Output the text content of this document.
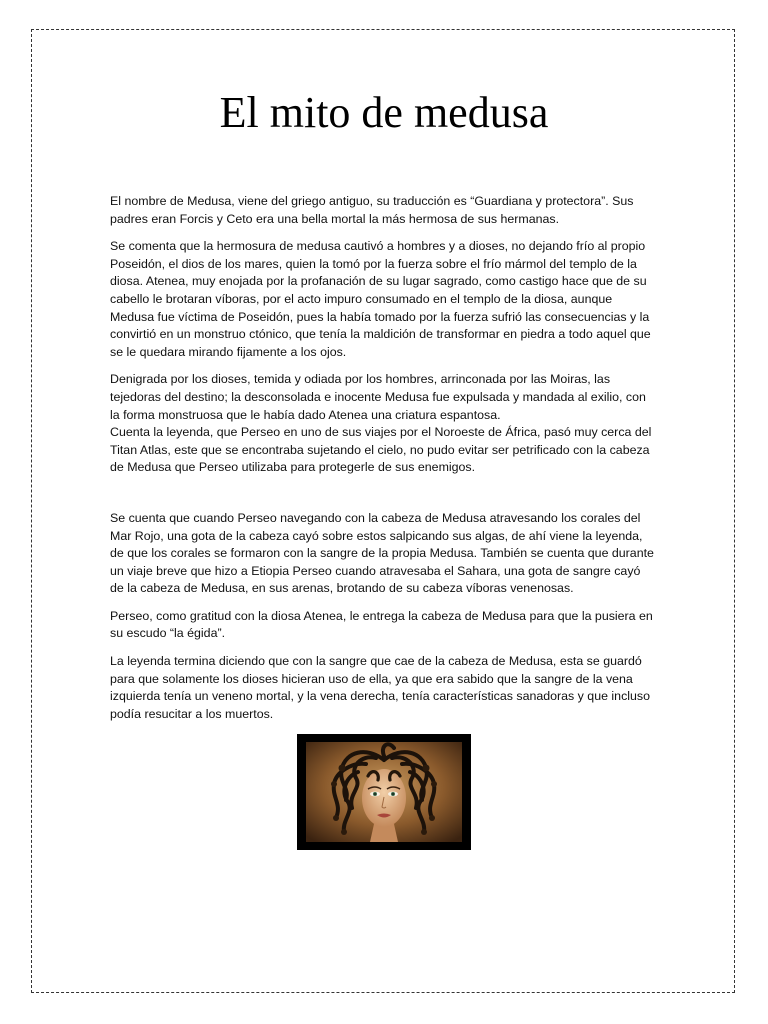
El mito de medusa

El nombre de Medusa, viene del griego antiguo, su traducción es “Guardiana y protectora”. Sus padres eran Forcis y Ceto era una bella mortal la más hermosa de sus hermanas.

Se comenta que la hermosura de medusa cautivó a hombres y a dioses, no dejando frío al propio Poseidón, el dios de los mares, quien la tomó por la fuerza sobre el frío mármol del templo de la diosa. Atenea, muy enojada por la profanación de su lugar sagrado, como castigo hace que de su cabello le brotaran víboras, por el acto impuro consumado en el templo de la diosa, aunque Medusa fue víctima de Poseidón, pues la había tomado por la fuerza sufrió las consecuencias y la convirtió en un monstruo ctónico, que tenía la maldición de transformar en piedra a todo aquel que se le quedara mirando fijamente a los ojos.

Denigrada por los dioses, temida y odiada por los hombres, arrinconada por las Moiras, las tejedoras del destino; la desconsolada e inocente Medusa fue expulsada y mandada al exilio, con la forma monstruosa que le había dado Atenea una criatura espantosa.

Cuenta la leyenda, que Perseo en uno de sus viajes por el Noroeste de África, pasó muy cerca del Titan Atlas, este que se encontraba sujetando el cielo, no pudo evitar ser petrificado con la cabeza de Medusa que Perseo utilizaba para protegerle de sus enemigos.

Se cuenta que cuando Perseo navegando con la cabeza de Medusa atravesando los corales del Mar Rojo, una gota de la cabeza cayó sobre estos salpicando sus algas, de ahí viene la leyenda, de que los corales se formaron con la sangre de la propia Medusa. También se cuenta que durante un viaje breve que hizo a Etiopia Perseo cuando atravesaba el Sahara, una gota de sangre cayó de la cabeza de Medusa, en sus arenas, brotando de su cabeza víboras venenosas.

Perseo, como gratitud con la diosa Atenea, le entrega la cabeza de Medusa para que la pusiera en su escudo “la égida”.

La leyenda termina diciendo que con la sangre que cae de la cabeza de Medusa, esta se guardó para que solamente los dioses hicieran uso de ella, ya que era sabido que la sangre de la vena izquierda tenía un veneno mortal, y la vena derecha, tenía características sanadoras y que incluso podía resucitar a los muertos.
